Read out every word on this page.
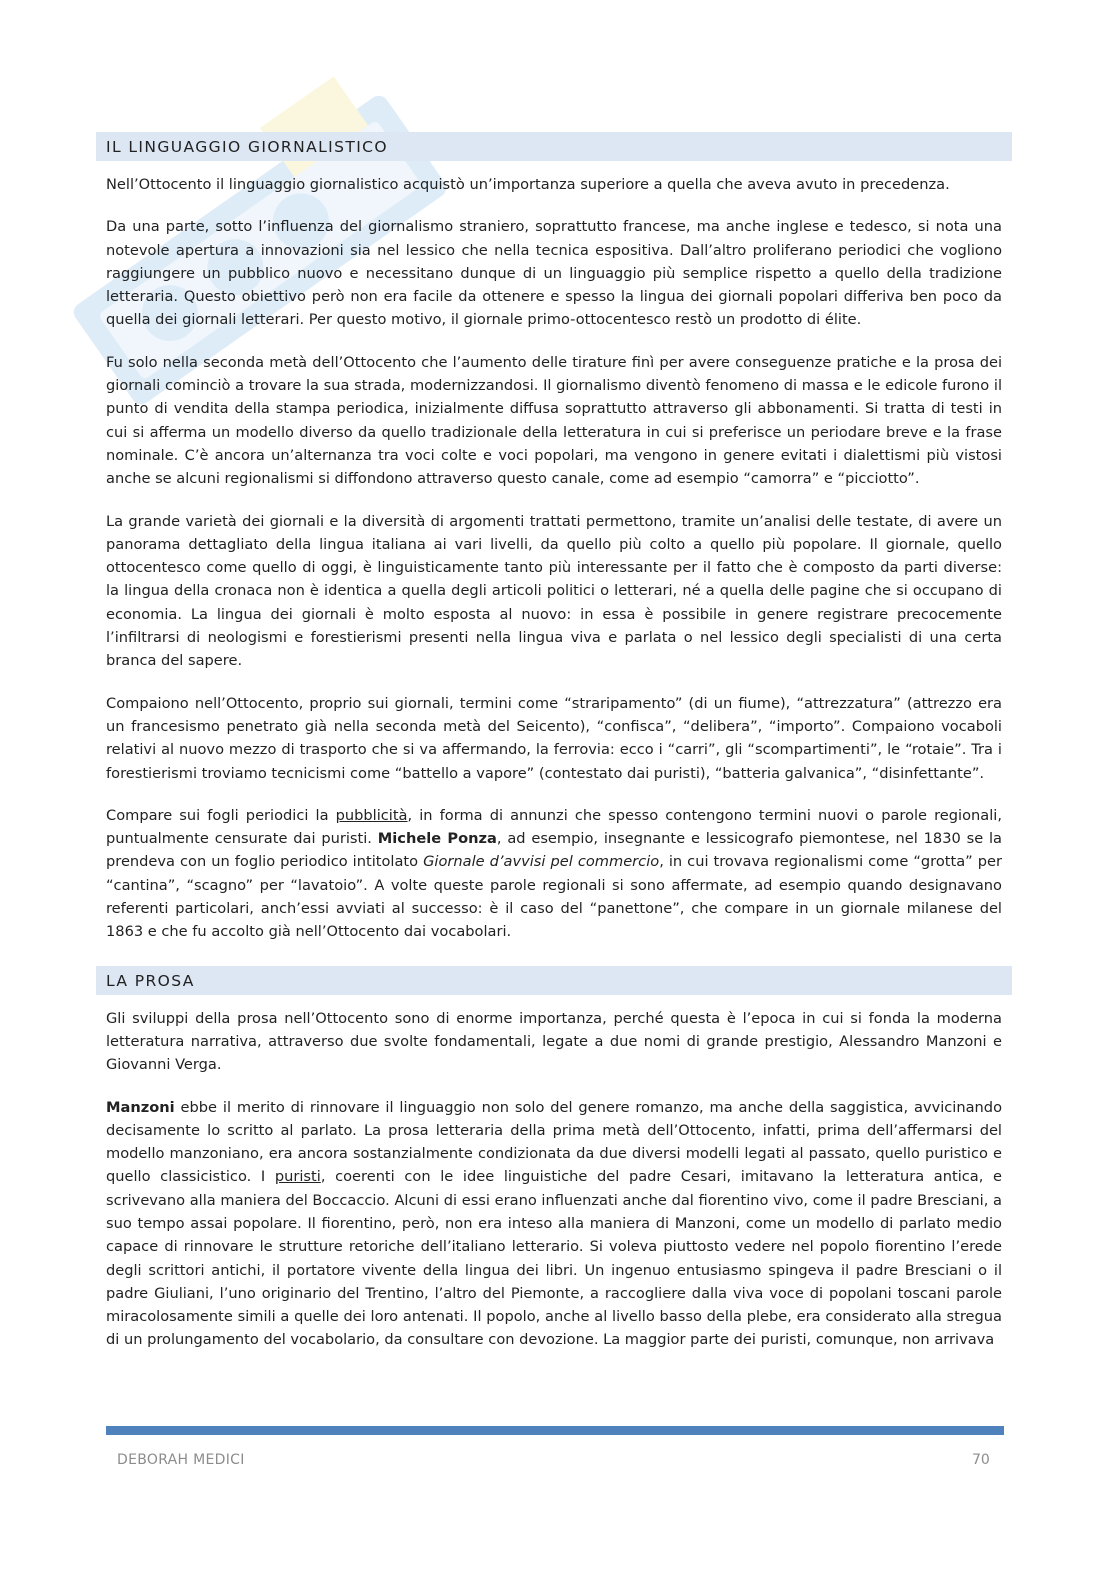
IL LINGUAGGIO GIORNALISTICO

Nell’Ottocento il linguaggio giornalistico acquistò un’importanza superiore a quella che aveva avuto in precedenza.

Da una parte, sotto l’influenza del giornalismo straniero, soprattutto francese, ma anche inglese e tedesco, si nota una notevole apertura a innovazioni sia nel lessico che nella tecnica espositiva. Dall’altro proliferano periodici che vogliono raggiungere un pubblico nuovo e necessitano dunque di un linguaggio più semplice rispetto a quello della tradizione letteraria. Questo obiettivo però non era facile da ottenere e spesso la lingua dei giornali popolari differiva ben poco da quella dei giornali letterari. Per questo motivo, il giornale primo-ottocentesco restò un prodotto di élite.

Fu solo nella seconda metà dell’Ottocento che l’aumento delle tirature finì per avere conseguenze pratiche e la prosa dei giornali cominciò a trovare la sua strada, modernizzandosi. Il giornalismo diventò fenomeno di massa e le edicole furono il punto di vendita della stampa periodica, inizialmente diffusa soprattutto attraverso gli abbonamenti. Si tratta di testi in cui si afferma un modello diverso da quello tradizionale della letteratura in cui si preferisce un periodare breve e la frase nominale. C’è ancora un’alternanza tra voci colte e voci popolari, ma vengono in genere evitati i dialettismi più vistosi anche se alcuni regionalismi si diffondono attraverso questo canale, come ad esempio “camorra” e “picciotto”.

La grande varietà dei giornali e la diversità di argomenti trattati permettono, tramite un’analisi delle testate, di avere un panorama dettagliato della lingua italiana ai vari livelli, da quello più colto a quello più popolare. Il giornale, quello ottocentesco come quello di oggi, è linguisticamente tanto più interessante per il fatto che è composto da parti diverse: la lingua della cronaca non è identica a quella degli articoli politici o letterari, né a quella delle pagine che si occupano di economia. La lingua dei giornali è molto esposta al nuovo: in essa è possibile in genere registrare precocemente l’infiltrarsi di neologismi e forestierismi presenti nella lingua viva e parlata o nel lessico degli specialisti di una certa branca del sapere.

Compaiono nell’Ottocento, proprio sui giornali, termini come “straripamento” (di un fiume), “attrezzatura” (attrezzo era un francesismo penetrato già nella seconda metà del Seicento), “confisca”, “delibera”, “importo”. Compaiono vocaboli relativi al nuovo mezzo di trasporto che si va affermando, la ferrovia: ecco i “carri”, gli “scompartimenti”, le “rotaie”. Tra i forestierismi troviamo tecnicismi come “battello a vapore” (contestato dai puristi), “batteria galvanica”, “disinfettante”.

Compare sui fogli periodici la pubblicità, in forma di annunzi che spesso contengono termini nuovi o parole regionali, puntualmente censurate dai puristi. Michele Ponza, ad esempio, insegnante e lessicografo piemontese, nel 1830 se la prendeva con un foglio periodico intitolato Giornale d’avvisi pel commercio, in cui trovava regionalismi come “grotta” per “cantina”, “scagno” per “lavatoio”. A volte queste parole regionali si sono affermate, ad esempio quando designavano referenti particolari, anch’essi avviati al successo: è il caso del “panettone”, che compare in un giornale milanese del 1863 e che fu accolto già nell’Ottocento dai vocabolari.

LA PROSA

Gli sviluppi della prosa nell’Ottocento sono di enorme importanza, perché questa è l’epoca in cui si fonda la moderna letteratura narrativa, attraverso due svolte fondamentali, legate a due nomi di grande prestigio, Alessandro Manzoni e Giovanni Verga.

Manzoni ebbe il merito di rinnovare il linguaggio non solo del genere romanzo, ma anche della saggistica, avvicinando decisamente lo scritto al parlato. La prosa letteraria della prima metà dell’Ottocento, infatti, prima dell’affermarsi del modello manzoniano, era ancora sostanzialmente condizionata da due diversi modelli legati al passato, quello puristico e quello classicistico. I puristi, coerenti con le idee linguistiche del padre Cesari, imitavano la letteratura antica, e scrivevano alla maniera del Boccaccio. Alcuni di essi erano influenzati anche dal fiorentino vivo, come il padre Bresciani, a suo tempo assai popolare. Il fiorentino, però, non era inteso alla maniera di Manzoni, come un modello di parlato medio capace di rinnovare le strutture retoriche dell’italiano letterario. Si voleva piuttosto vedere nel popolo fiorentino l’erede degli scrittori antichi, il portatore vivente della lingua dei libri. Un ingenuo entusiasmo spingeva il padre Bresciani o il padre Giuliani, l’uno originario del Trentino, l’altro del Piemonte, a raccogliere dalla viva voce di popolani toscani parole miracolosamente simili a quelle dei loro antenati. Il popolo, anche al livello basso della plebe, era considerato alla stregua di un prolungamento del vocabolario, da consultare con devozione. La maggior parte dei puristi, comunque, non arrivava

DEBORAH MEDICI	70
